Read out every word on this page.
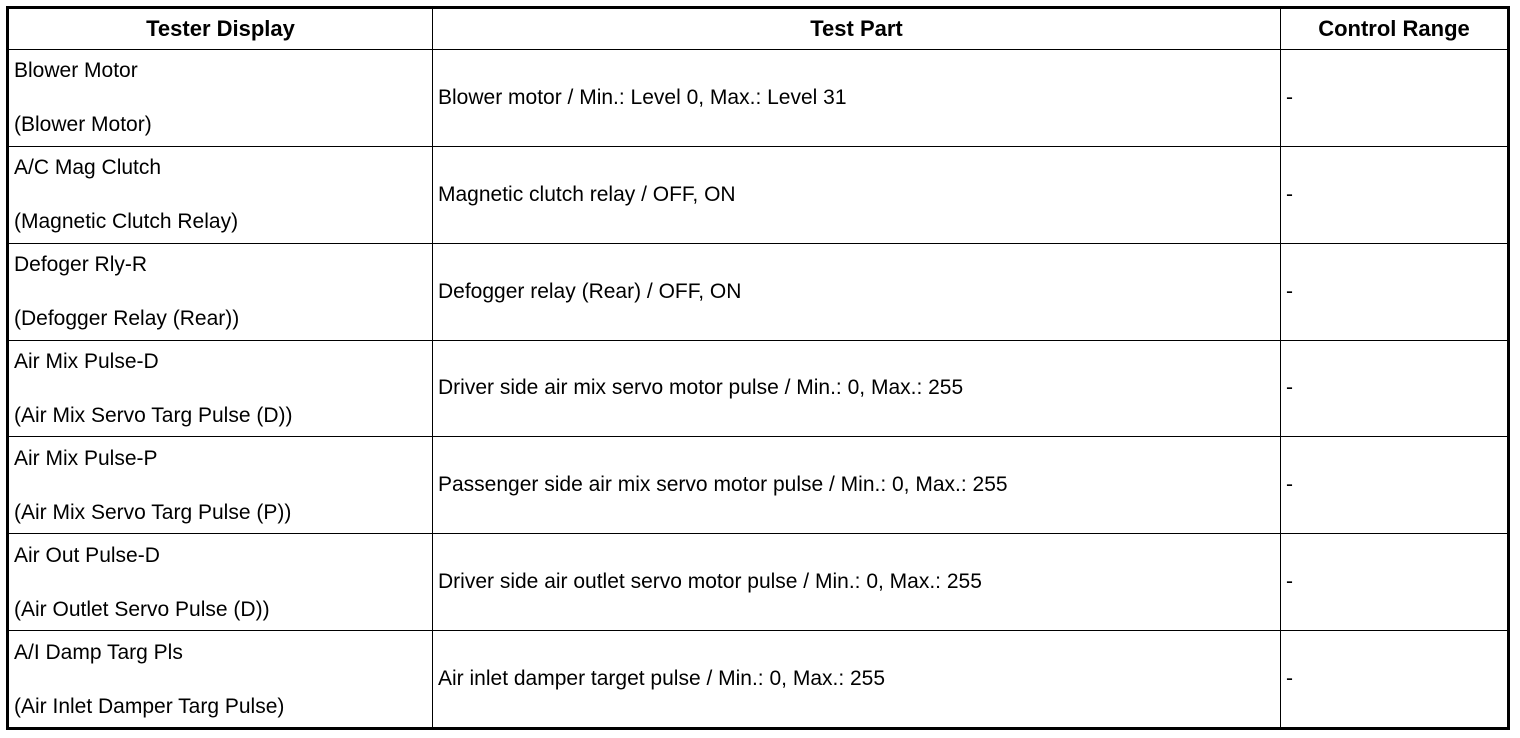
Tester Display	Test Part	Control Range

Blower Motor
(Blower Motor)	Blower motor / Min.: Level 0, Max.: Level 31	-

A/C Mag Clutch
(Magnetic Clutch Relay)	Magnetic clutch relay / OFF, ON	-

Defoger Rly-R
(Defogger Relay (Rear))	Defogger relay (Rear) / OFF, ON	-

Air Mix Pulse-D
(Air Mix Servo Targ Pulse (D))	Driver side air mix servo motor pulse / Min.: 0, Max.: 255	-

Air Mix Pulse-P
(Air Mix Servo Targ Pulse (P))	Passenger side air mix servo motor pulse / Min.: 0, Max.: 255	-

Air Out Pulse-D
(Air Outlet Servo Pulse (D))	Driver side air outlet servo motor pulse / Min.: 0, Max.: 255	-

A/I Damp Targ Pls
(Air Inlet Damper Targ Pulse)	Air inlet damper target pulse / Min.: 0, Max.: 255	-
